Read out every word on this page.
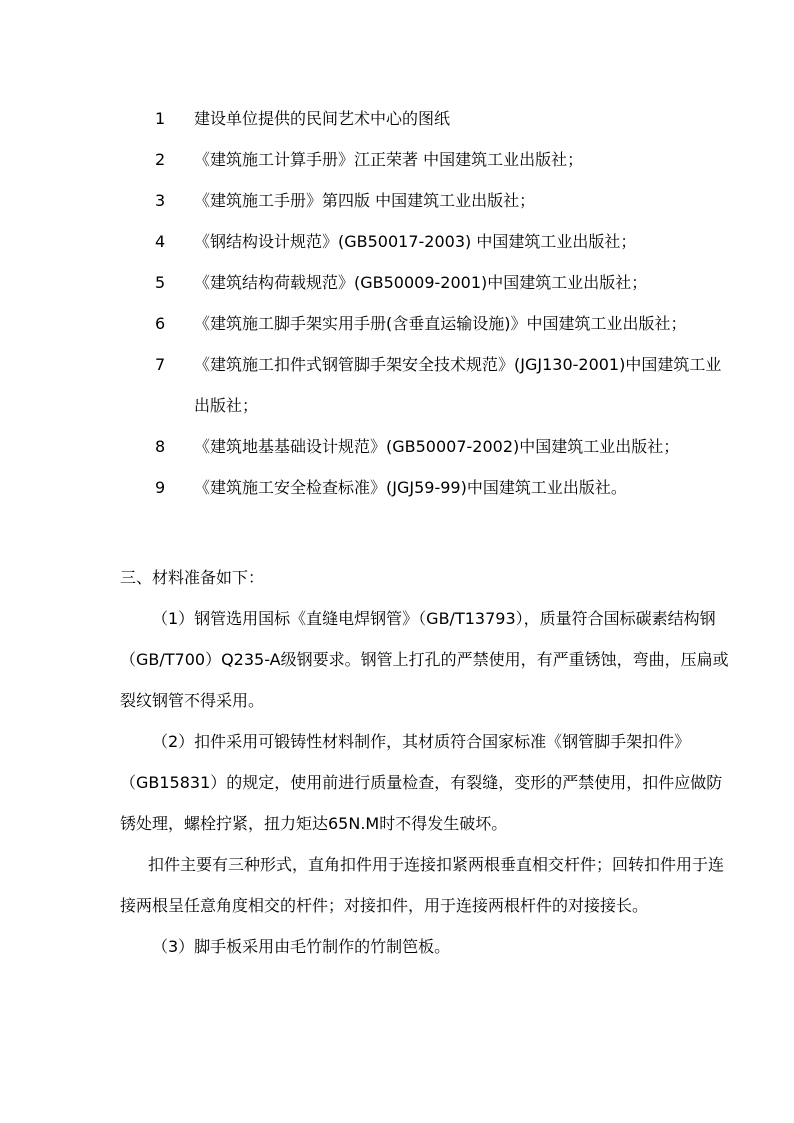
1	建设单位提供的民间艺术中心的图纸
2	《建筑施工计算手册》江正荣著 中国建筑工业出版社；
3	《建筑施工手册》第四版 中国建筑工业出版社；
4	《钢结构设计规范》(GB50017-2003) 中国建筑工业出版社；
5	《建筑结构荷载规范》(GB50009-2001)中国建筑工业出版社；
6	《建筑施工脚手架实用手册(含垂直运输设施)》中国建筑工业出版社；
7	《建筑施工扣件式钢管脚手架安全技术规范》(JGJ130-2001)中国建筑工业出版社；
8	《建筑地基基础设计规范》(GB50007-2002)中国建筑工业出版社；
9	《建筑施工安全检查标准》(JGJ59-99)中国建筑工业出版社。
三、材料准备如下：

（1）钢管选用国标《直缝电焊钢管》（GB/T13793），质量符合国标碳素结构钢（GB/T700）Q235-A级钢要求。钢管上打孔的严禁使用，有严重锈蚀，弯曲，压扁或裂纹钢管不得采用。

（2）扣件采用可锻铸性材料制作，其材质符合国家标准《钢管脚手架扣件》（GB15831）的规定，使用前进行质量检查，有裂缝，变形的严禁使用，扣件应做防锈处理，螺栓拧紧，扭力矩达65N.M时不得发生破坏。

扣件主要有三种形式，直角扣件用于连接扣紧两根垂直相交杆件；回转扣件用于连接两根呈任意角度相交的杆件；对接扣件，用于连接两根杆件的对接接长。

（3）脚手板采用由毛竹制作的竹制笆板。
